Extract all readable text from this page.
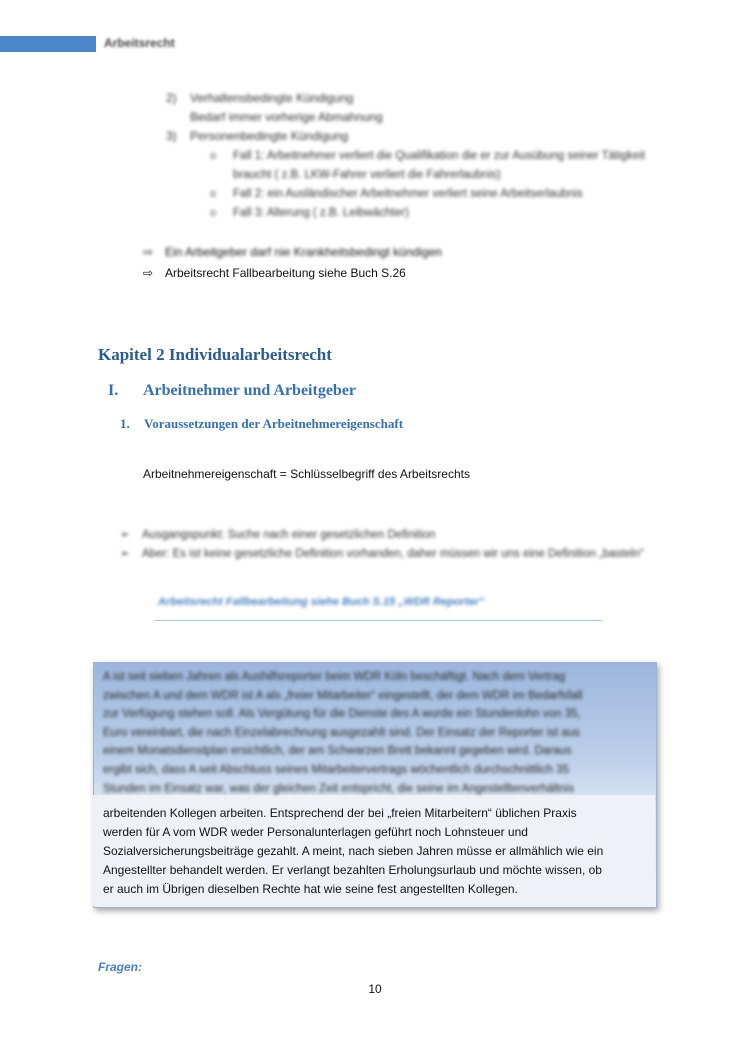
Arbeitsrecht
2) Verhaltensbedingte Kündigung
Bedarf immer vorherige Abmahnung
3) Personenbedingte Kündigung
o Fall 1: Arbeitnehmer verliert die Qualifikation die er zur Ausübung seiner Tätigkeit braucht ( z.B. LKW-Fahrer verliert die Fahrerlaubnis)
o Fall 2: ein Ausländischer Arbeitnehmer verliert seine Arbeitserlaubnis
o Fall 3: Alterung ( z.B. Leibwächter)
⇨ Ein Arbeitgeber darf nie Krankheitsbedingt kündigen
⇨ Arbeitsrecht Fallbearbeitung siehe Buch S.26
Kapitel 2 Individualarbeitsrecht
I. Arbeitnehmer und Arbeitgeber
1. Voraussetzungen der Arbeitnehmereigenschaft
Arbeitnehmereigenschaft = Schlüsselbegriff des Arbeitsrechts
➢ Ausgangspunkt: Suche nach einer gesetzlichen Definition
➢ Aber: Es ist keine gesetzliche Definition vorhanden, daher müssen wir uns eine Definition „basteln“
Arbeitsrecht Fallbearbeitung siehe Buch S.15 „WDR Reporter“
A ist seit sieben Jahren als Aushilfsreporter beim WDR Köln beschäftigt. Nach dem Vertrag
zwischen A und dem WDR ist A als „freier Mitarbeiter“ eingestellt, der dem WDR im Bedarfsfall
zur Verfügung stehen soll. Als Vergütung für die Dienste des A wurde ein Stundenlohn von 35,
Euro vereinbart, die nach Einzelabrechnung ausgezahlt sind. Der Einsatz der Reporter ist aus
einem Monatsdienstplan ersichtlich, der am Schwarzen Brett bekannt gegeben wird. Daraus
ergibt sich, dass A seit Abschluss seines Mitarbeitervertrags wöchentlich durchschnittlich 35
Stunden im Einsatz war, was der gleichen Zeit entspricht, die seine im Angestelltenverhältnis
arbeitenden Kollegen arbeiten. Entsprechend der bei „freien Mitarbeitern“ üblichen Praxis
werden für A vom WDR weder Personalunterlagen geführt noch Lohnsteuer und
Sozialversicherungsbeiträge gezahlt. A meint, nach sieben Jahren müsse er allmählich wie ein
Angestellter behandelt werden. Er verlangt bezahlten Erholungsurlaub und möchte wissen, ob
er auch im Übrigen dieselben Rechte hat wie seine fest angestellten Kollegen.
Fragen:
10
